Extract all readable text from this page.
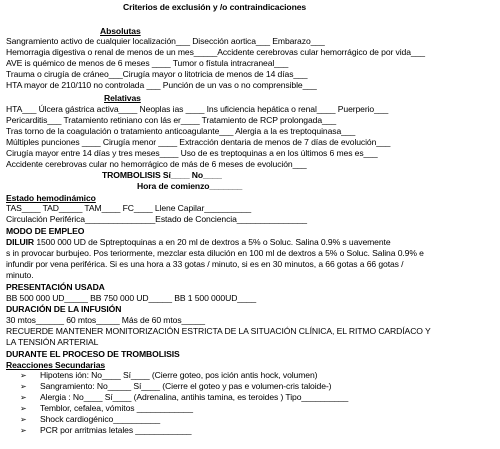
Criterios de exclusión y /o contraindicaciones
Absolutas
Sangramiento activo de cualquier localización___ Disección aortica___ Embarazo___
Hemorragia digestiva o renal de menos de un mes_____Accidente cerebrovas cular hemorrágico de por vida___
AVE is quémico de menos de 6 meses ____ Tumor o fístula intracraneal___
Trauma o cirugía de cráneo___Cirugía mayor o litotricia de menos de 14 días___
HTA mayor de 210/110 no controlada ___ Punción de un vas o no comprensible___
Relativas
HTA___ Úlcera gástrica activa____ Neoplas ias ____ Ins uficiencia hepática o renal____ Puerperio___
Pericarditis___ Tratamiento retiniano con lás er____ Tratamiento de RCP prolongada___
Tras torno de la coagulación o tratamiento anticoagulante___ Alergia a la es treptoquinasa___
Múltiples punciones ____ Cirugía menor ____ Extracción dentaria de menos de 7 días de evolución___
Cirugía mayor entre 14 días y tres meses____ Uso de es treptoquinas a en los últimos 6 mes es___
Accidente cerebrovas cular no hemorrágico de más de 6 meses de evolución___
TROMBOLISIS Sí____ No____
Hora de comienzo_______
Estado hemodinámico
TAS____ TAD_____ TAM____ FC____ Llene Capilar__________
Circulación Periférica_______________Estado de Conciencia_______________
MODO DE EMPLEO
DILUIR 1500 000 UD de Sptreptoquinas a en 20 ml de dextros a 5% o Soluc. Salina 0.9% s uavemente
s in provocar burbujeo. Pos teriormente, mezclar esta dilución en 100 ml de dextros a 5% o Soluc. Salina 0.9% e
infundir por vena periférica. Si es una hora a 33 gotas / minuto, si es en 30 minutos, a 66 gotas a 66 gotas /
minuto.
PRESENTACIÓN USADA
BB 500 000 UD_____ BB 750 000 UD_____ BB 1 500 000UD____
DURACIÓN DE LA INFUSIÓN
30 mtos______ 60 mtos_____ Más de 60 mtos_____
RECUERDE MANTENER MONITORIZACIÓN ESTRICTA DE LA SITUACIÓN CLÍNICA, EL RITMO CARDÍACO Y
LA TENSIÓN ARTERIAL
DURANTE EL PROCESO DE TROMBOLISIS
Reacciones Secundarias
➢ Hipotens ión: No____ Sí____ (Cierre goteo, pos ición antis hock, volumen)
➢ Sangramiento: No_____ Sí____ (Cierre el goteo y pas e volumen-cris taloide-)
➢ Alergia : No____ Sí____ (Adrenalina, antihis tamina, es teroides ) Tipo__________
➢ Temblor, cefalea, vómitos ____________
➢ Shock cardiogénico__________
➢ PCR por arritmias letales ____________
